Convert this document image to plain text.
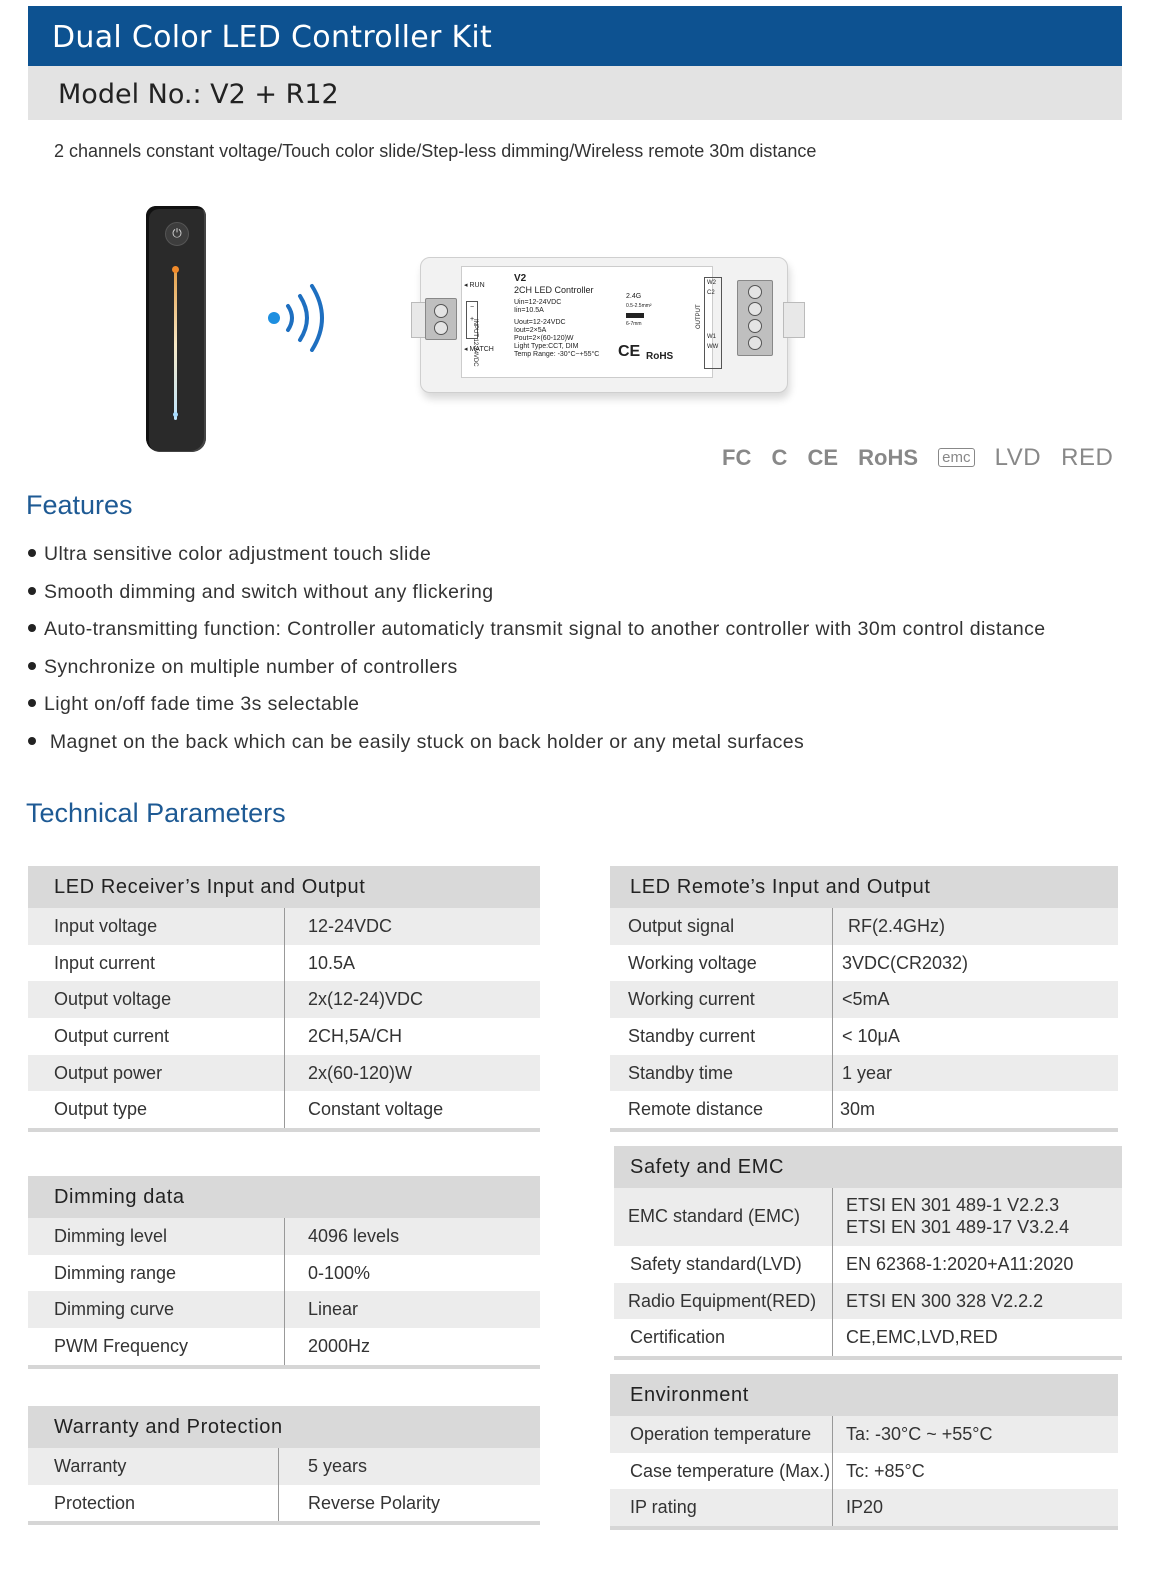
Dual Color LED Controller Kit
Model No.: V2 + R12
2 channels constant voltage/Touch color slide/Step-less dimming/Wireless remote 30m distance
⏻
◂ RUN
◂ MATCH
−
+
INPUT 12-24VDC
V2
2CH LED Controller
Uin=12-24VDC
Iin=10.5A
Uout=12-24VDC
Iout=2×5A
Pout=2×(60-120)W
Light Type:CCT, DIM
Temp Range: -30°C~+55°C
2.4G
0.5-2.5mm²
6-7mm
CE RoHS
OUTPUT
W2
C2
W1
WW
FC C CE RoHS emc LVD RED
Features
Ultra sensitive color adjustment touch slide
Smooth dimming and switch without any flickering
Auto-transmitting function: Controller automaticly transmit signal to another controller with 30m control distance
Synchronize on multiple number of controllers
Light on/off fade time 3s selectable
Magnet on the back which can be easily stuck on back holder or any metal surfaces
Technical Parameters
LED Receiver’s Input and Output
Input voltage	12-24VDC
Input current	10.5A
Output voltage	2x(12-24)VDC
Output current	2CH,5A/CH
Output power	2x(60-120)W
Output type	Constant voltage
Dimming data
Dimming level	4096 levels
Dimming range	0-100%
Dimming curve	Linear
PWM Frequency	2000Hz
Warranty and Protection
Warranty	5 years
Protection	Reverse Polarity
LED Remote’s Input and Output
Output signal	RF(2.4GHz)
Working voltage	3VDC(CR2032)
Working current	<5mA
Standby current	< 10μA
Standby time	1 year
Remote distance	30m
Safety and EMC
EMC standard (EMC)
ETSI EN 301 489-1 V2.2.3
ETSI EN 301 489-17 V3.2.4
Safety standard(LVD) EN 62368-1:2020+A11:2020
Radio Equipment(RED) ETSI EN 300 328 V2.2.2
Certification	CE,EMC,LVD,RED
Environment
Operation temperature Ta: -30°C ~ +55°C
Case temperature (Max.) Tc: +85°C
IP rating	IP20
